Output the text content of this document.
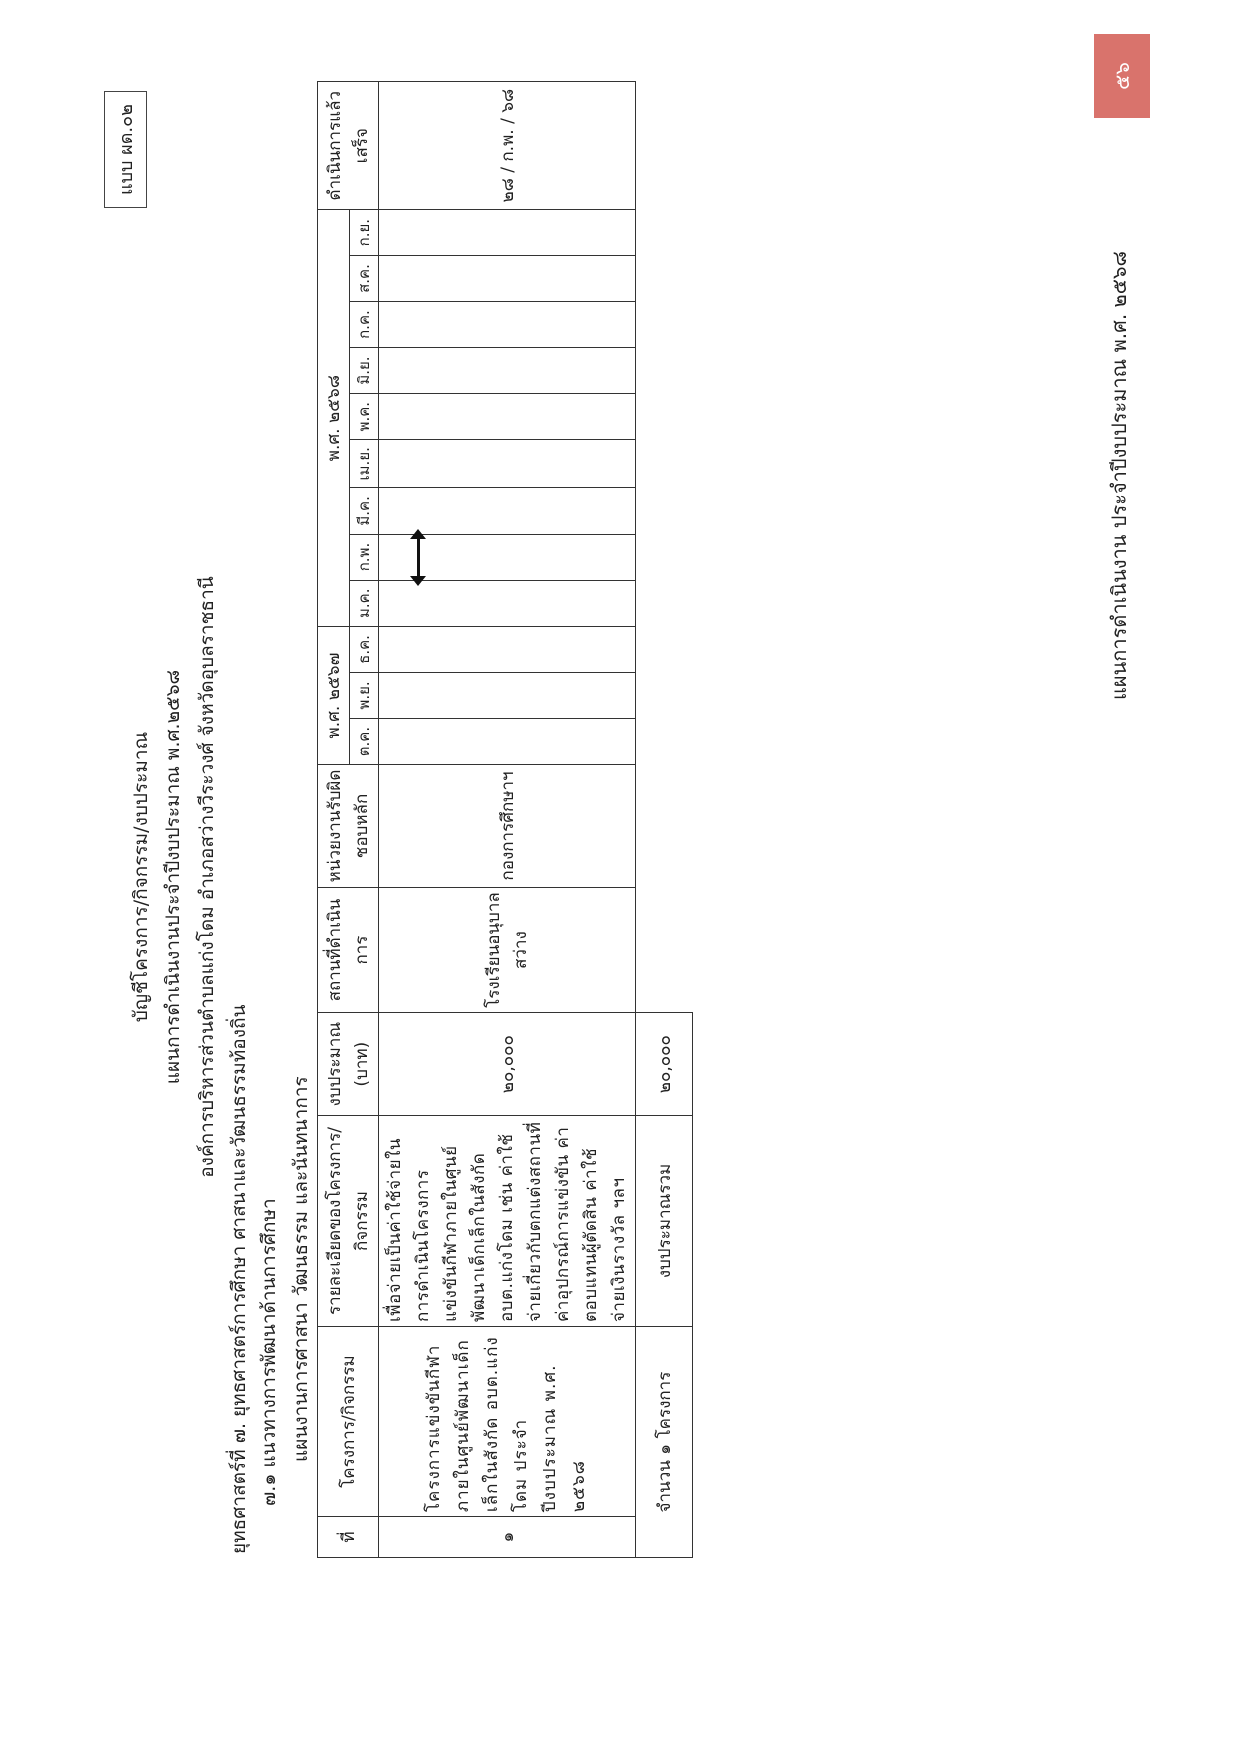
แบบ ผด.๐๒
บัญชีโครงการ/กิจกรรม/งบประมาณ แผนการดำเนินงานประจำปีงบประมาณ พ.ศ.๒๕๖๘ องค์การบริหารส่วนตำบลแก่งโดม อำเภอสว่างวีระวงศ์ จังหวัดอุบลราชธานี
ยุทธศาสตร์ที่ ๗. ยุทธศาสตร์การศึกษา ศาสนาและวัฒนธรรมท้องถิ่น ๗.๑ แนวทางการพัฒนาด้านการศึกษา แผนงานการศาสนา วัฒนธรรม และนันทนาการ
ที่	โครงการ/กิจกรรม	รายละเอียดของโครงการ/กิจกรรม	งบประมาณ (บาท)	สถานที่ดำเนินการ	หน่วยงานรับผิดชอบหลัก	พ.ศ. ๒๕๖๗			พ.ศ. ๒๕๖๘									ดำเนินการแล้วเสร็จ
						ต.ค.	พ.ย.	ธ.ค.	ม.ค.	ก.พ.	มี.ค.	เม.ย.	พ.ค.	มิ.ย.	ก.ค.	ส.ค.	ก.ย.	
๑	โครงการแข่งขันกีฬาภายในศูนย์พัฒนาเด็กเล็กในสังกัด อบต.แก่งโดม ประจำปีงบประมาณ พ.ศ. ๒๕๖๘	เพื่อจ่ายเป็นค่าใช้จ่ายในการดำเนินโครงการแข่งขันกีฬาภายในศูนย์พัฒนาเด็กเล็กในสังกัด อบต.แก่งโดม เช่น ค่าใช้จ่ายเกี่ยวกับตกแต่งสถานที่ ค่าอุปกรณ์การแข่งขัน ค่าตอบแทนผู้ตัดสิน ค่าใช้จ่ายเงินรางวัล ฯลฯ	๒๐,๐๐๐	โรงเรียนอนุบาลสว่าง	กองการศึกษาฯ													๒๘ / ก.พ. / ๖๘
จำนวน ๑ โครงการ		งบประมาณรวม	๒๐,๐๐๐															
แผนการดำเนินงาน ประจำปีงบประมาณ พ.ศ. ๒๕๖๘
๕๖
